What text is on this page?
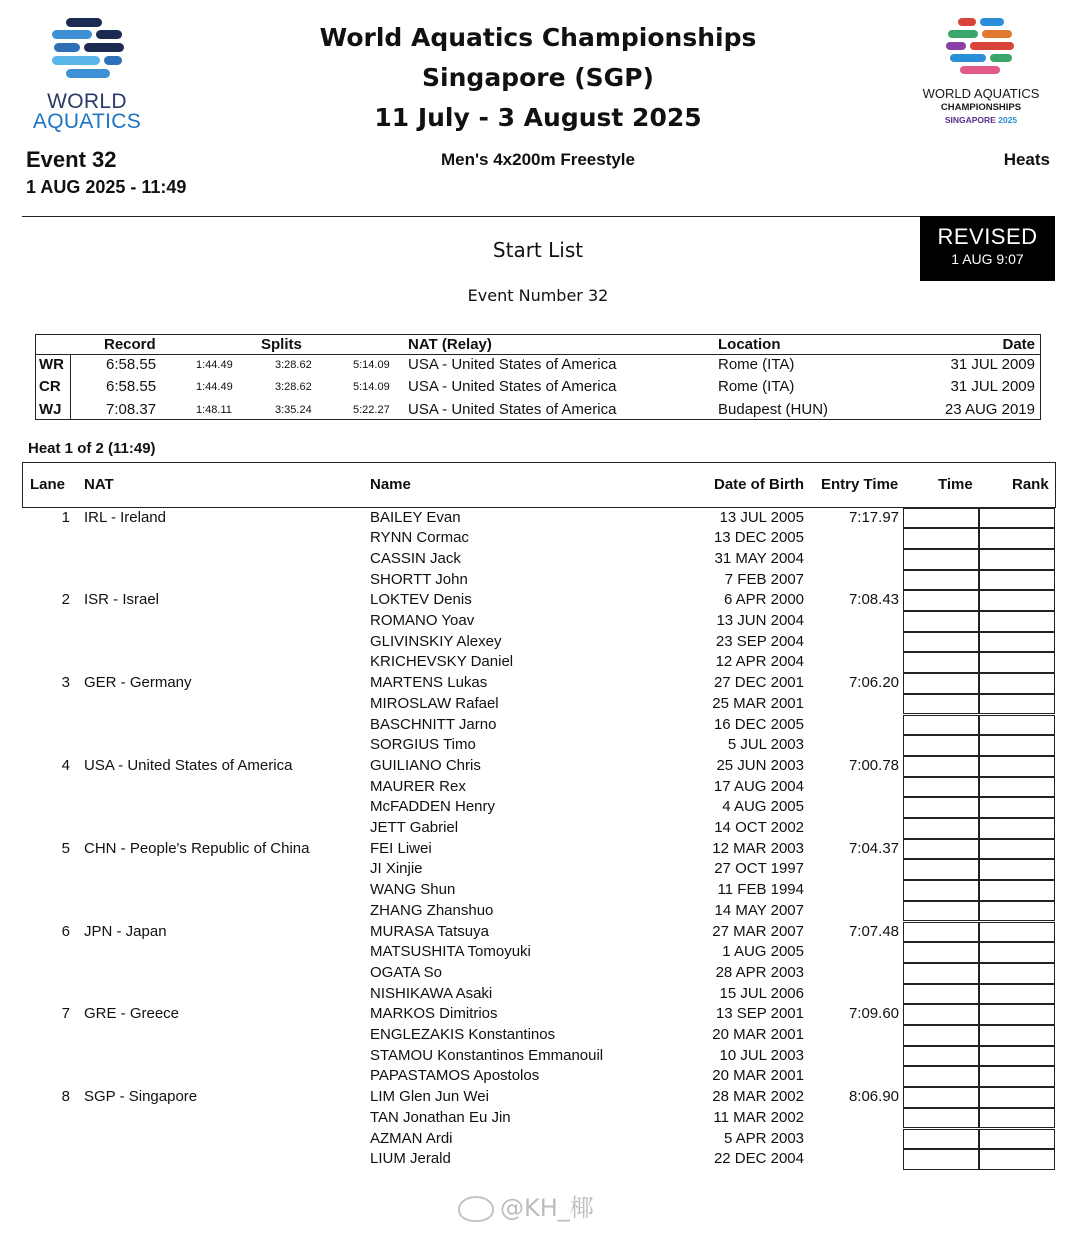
WORLD
AQUATICS
World Aquatics Championships
Singapore (SGP)
11 July - 3 August 2025
WORLD AQUATICS
CHAMPIONSHIPS
SINGAPORE 2025
Event 32
1 AUG 2025 - 11:49
Men's 4x200m Freestyle	Heats
REVISED
1 AUG 9:07
Start List
Event Number 32
Record	Splits	NAT (Relay)	Location	Date
WR	6:58.55	1:44.49	3:28.62	5:14.09 USA - United States of America	Rome (ITA)	31 JUL 2009
CR	6:58.55	1:44.49	3:28.62	5:14.09 USA - United States of America	Rome (ITA)	31 JUL 2009
WJ	7:08.37	1:48.11	3:35.24	5:22.27 USA - United States of America	Budapest (HUN)	23 AUG 2019
Heat 1 of 2 (11:49)
Lane NAT	Name	Date of Birth Entry Time	Time	Rank
1 IRL - Ireland	BAILEY Evan	13 JUL 2005	7:17.97
RYNN Cormac	13 DEC 2005
CASSIN Jack	31 MAY 2004
SHORTT John	7 FEB 2007
2 ISR - Israel	LOKTEV Denis	6 APR 2000	7:08.43
ROMANO Yoav	13 JUN 2004
GLIVINSKIY Alexey	23 SEP 2004
KRICHEVSKY Daniel	12 APR 2004
3 GER - Germany	MARTENS Lukas	27 DEC 2001	7:06.20
MIROSLAW Rafael	25 MAR 2001
BASCHNITT Jarno	16 DEC 2005
SORGIUS Timo	5 JUL 2003
4 USA - United States of America	GUILIANO Chris	25 JUN 2003	7:00.78
MAURER Rex	17 AUG 2004
McFADDEN Henry	4 AUG 2005
JETT Gabriel	14 OCT 2002
5 CHN - People's Republic of China	FEI Liwei	12 MAR 2003	7:04.37
JI Xinjie	27 OCT 1997
WANG Shun	11 FEB 1994
ZHANG Zhanshuo	14 MAY 2007
6 JPN - Japan	MURASA Tatsuya	27 MAR 2007	7:07.48
MATSUSHITA Tomoyuki	1 AUG 2005
OGATA So	28 APR 2003
NISHIKAWA Asaki	15 JUL 2006
7 GRE - Greece	MARKOS Dimitrios	13 SEP 2001	7:09.60
ENGLEZAKIS Konstantinos	20 MAR 2001
STAMOU Konstantinos Emmanouil	10 JUL 2003
PAPASTAMOS Apostolos	20 MAR 2001
8 SGP - Singapore	LIM Glen Jun Wei	28 MAR 2002	8:06.90
TAN Jonathan Eu Jin	11 MAR 2002
AZMAN Ardi	5 APR 2003
LIUM Jerald	22 DEC 2004
@KH_椰
